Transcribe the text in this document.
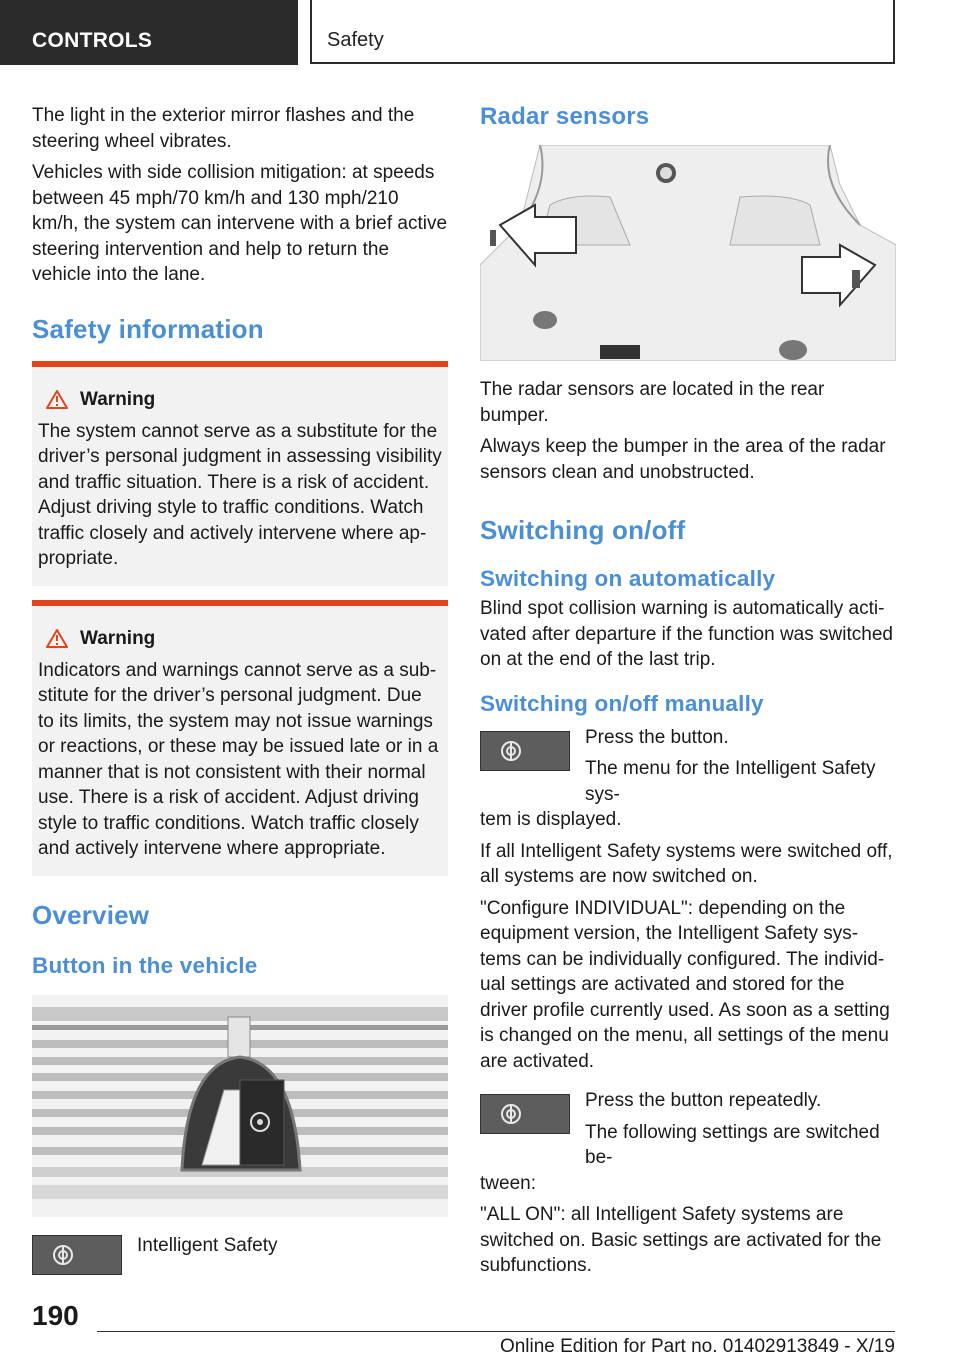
CONTROLS	Safety

The light in the exterior mirror flashes and the steering wheel vibrates.

Vehicles with side collision mitigation: at speeds between 45 mph/70 km/h and 130 mph/210 km/h, the system can intervene with a brief active steering intervention and help to return the vehicle into the lane.

Safety information
Warning

The system cannot serve as a substitute for the driver’s personal judgment in assessing visibility and traffic situation. There is a risk of accident. Adjust driving style to traffic conditions. Watch traffic closely and actively intervene where ap-propriate.

Warning

Indicators and warnings cannot serve as a sub-stitute for the driver’s personal judgment. Due to its limits, the system may not issue warnings or reactions, or these may be issued late or in a manner that is not consistent with their normal use. There is a risk of accident. Adjust driving style to traffic conditions. Watch traffic closely and actively intervene where appropriate.

Overview
Button in the vehicle

Intelligent Safety

Radar sensors

The radar sensors are located in the rear bumper.

Always keep the bumper in the area of the radar sensors clean and unobstructed.

Switching on/off
Switching on automatically

Blind spot collision warning is automatically acti-vated after departure if the function was switched on at the end of the last trip.

Switching on/off manually

Press the button.

The menu for the Intelligent Safety sys-

tem is displayed.

If all Intelligent Safety systems were switched off, all systems are now switched on.

"Configure INDIVIDUAL": depending on the equipment version, the Intelligent Safety sys-tems can be individually configured. The individ-ual settings are activated and stored for the driver profile currently used. As soon as a setting is changed on the menu, all settings of the menu are activated.

Press the button repeatedly.

The following settings are switched be-

tween:

"ALL ON": all Intelligent Safety systems are switched on. Basic settings are activated for the subfunctions.

190
Online Edition for Part no. 01402913849 - X/19
